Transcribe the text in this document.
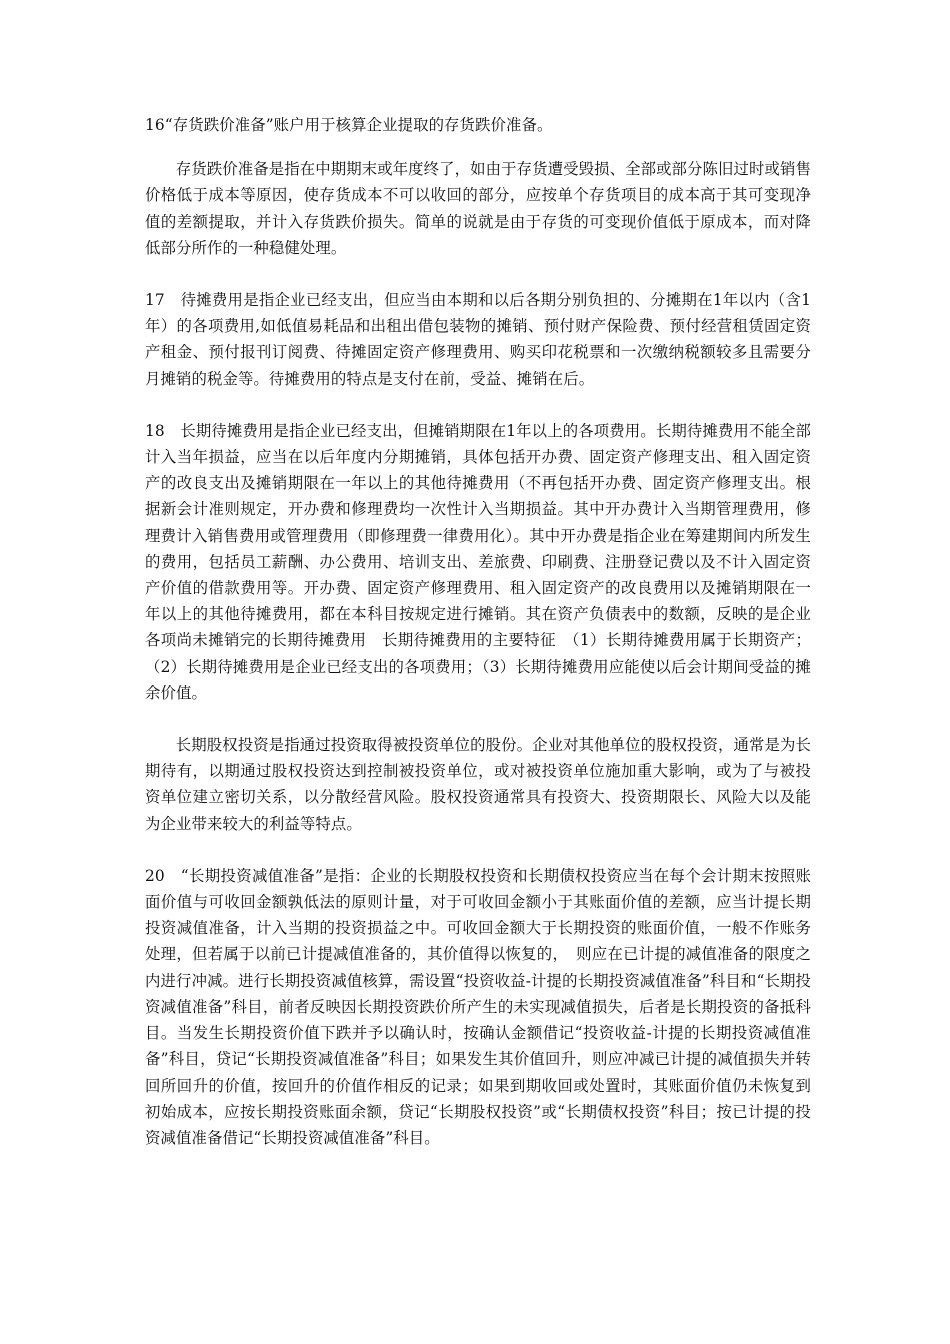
16“存货跌价准备”账户用于核算企业提取的存货跌价准备。

存货跌价准备是指在中期期末或年度终了，如由于存货遭受毁损、全部或部分陈旧过时或销售价格低于成本等原因，使存货成本不可以收回的部分，应按单个存货项目的成本高于其可变现净值的差额提取，并计入存货跌价损失。简单的说就是由于存货的可变现价值低于原成本，而对降低部分所作的一种稳健处理。

17　待摊费用是指企业已经支出，但应当由本期和以后各期分别负担的、分摊期在1年以内（含1年）的各项费用,如低值易耗品和出租出借包装物的摊销、预付财产保险费、预付经营租赁固定资产租金、预付报刊订阅费、待摊固定资产修理费用、购买印花税票和一次缴纳税额较多且需要分月摊销的税金等。待摊费用的特点是支付在前，受益、摊销在后。

18　长期待摊费用是指企业已经支出，但摊销期限在1年以上的各项费用。长期待摊费用不能全部计入当年损益，应当在以后年度内分期摊销，具体包括开办费、固定资产修理支出、租入固定资产的改良支出及摊销期限在一年以上的其他待摊费用（不再包括开办费、固定资产修理支出。根据新会计准则规定，开办费和修理费均一次性计入当期损益。其中开办费计入当期管理费用，修理费计入销售费用或管理费用（即修理费一律费用化）。其中开办费是指企业在筹建期间内所发生的费用，包括员工薪酬、办公费用、培训支出、差旅费、印刷费、注册登记费以及不计入固定资产价值的借款费用等。开办费、固定资产修理费用、租入固定资产的改良费用以及摊销期限在一年以上的其他待摊费用，都在本科目按规定进行摊销。其在资产负债表中的数额，反映的是企业各项尚未摊销完的长期待摊费用　长期待摊费用的主要特征　（1）长期待摊费用属于长期资产；（2）长期待摊费用是企业已经支出的各项费用；（3）长期待摊费用应能使以后会计期间受益的摊余价值。

长期股权投资是指通过投资取得被投资单位的股份。企业对其他单位的股权投资，通常是为长期待有，以期通过股权投资达到控制被投资单位，或对被投资单位施加重大影响，或为了与被投资单位建立密切关系，以分散经营风险。股权投资通常具有投资大、投资期限长、风险大以及能为企业带来较大的利益等特点。

20　“长期投资减值准备”是指：企业的长期股权投资和长期债权投资应当在每个会计期末按照账面价值与可收回金额孰低法的原则计量，对于可收回金额小于其账面价值的差额，应当计提长期投资减值准备，计入当期的投资损益之中。可收回金额大于长期投资的账面价值，一般不作账务处理，但若属于以前已计提减值准备的，其价值得以恢复的，　则应在已计提的减值准备的限度之内进行冲减。进行长期投资减值核算，需设置“投资收益-计提的长期投资减值准备”科目和“长期投资减值准备”科目，前者反映因长期投资跌价所产生的未实现减值损失，后者是长期投资的备抵科目。当发生长期投资价值下跌并予以确认时，按确认金额借记“投资收益-计提的长期投资减值准备”科目，贷记“长期投资减值准备”科目；如果发生其价值回升，则应冲减已计提的减值损失并转回所回升的价值，按回升的价值作相反的记录；如果到期收回或处置时，其账面价值仍未恢复到初始成本，应按长期投资账面余额，贷记“长期股权投资”或“长期债权投资”科目；按已计提的投资减值准备借记“长期投资减值准备”科目。
